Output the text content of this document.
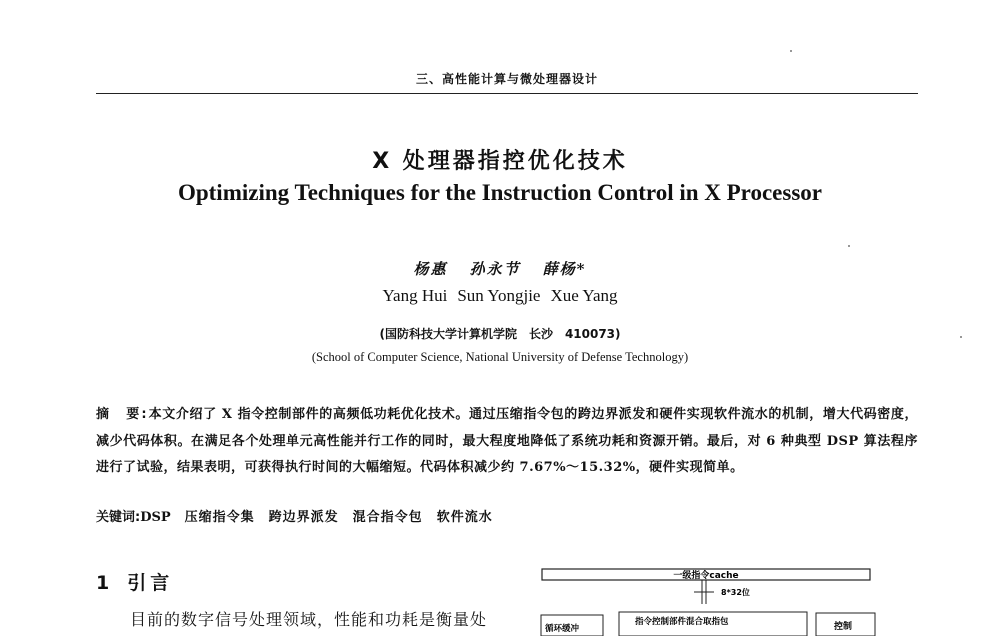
三、高性能计算与微处理器设计
X 处理器指控优化技术
Optimizing Techniques for the Instruction Control in X Processor
杨惠 孙永节 薛杨*
Yang Hui Sun Yongjie Xue Yang
(国防科技大学计算机学院　长沙　410073)
(School of Computer Science, National University of Defense Technology)
摘　要:本文介绍了 X 指令控制部件的高频低功耗优化技术。通过压缩指令包的跨边界派发和硬件实现软件流水的机制，增大代码密度，减少代码体积。在满足各个处理单元高性能并行工作的同时，最大程度地降低了系统功耗和资源开销。最后，对 6 种典型 DSP 算法程序进行了试验，结果表明，可获得执行时间的大幅缩短。代码体积减少约 7.67%～15.32%，硬件实现简单。
关键词:DSP 压缩指令集 跨边界派发 混合指令包 软件流水
1 引言
目前的数字信号处理领域，性能和功耗是衡量处
一级指令cache
8*32位
循环缓冲
指令控制部件混合取指包	控制
